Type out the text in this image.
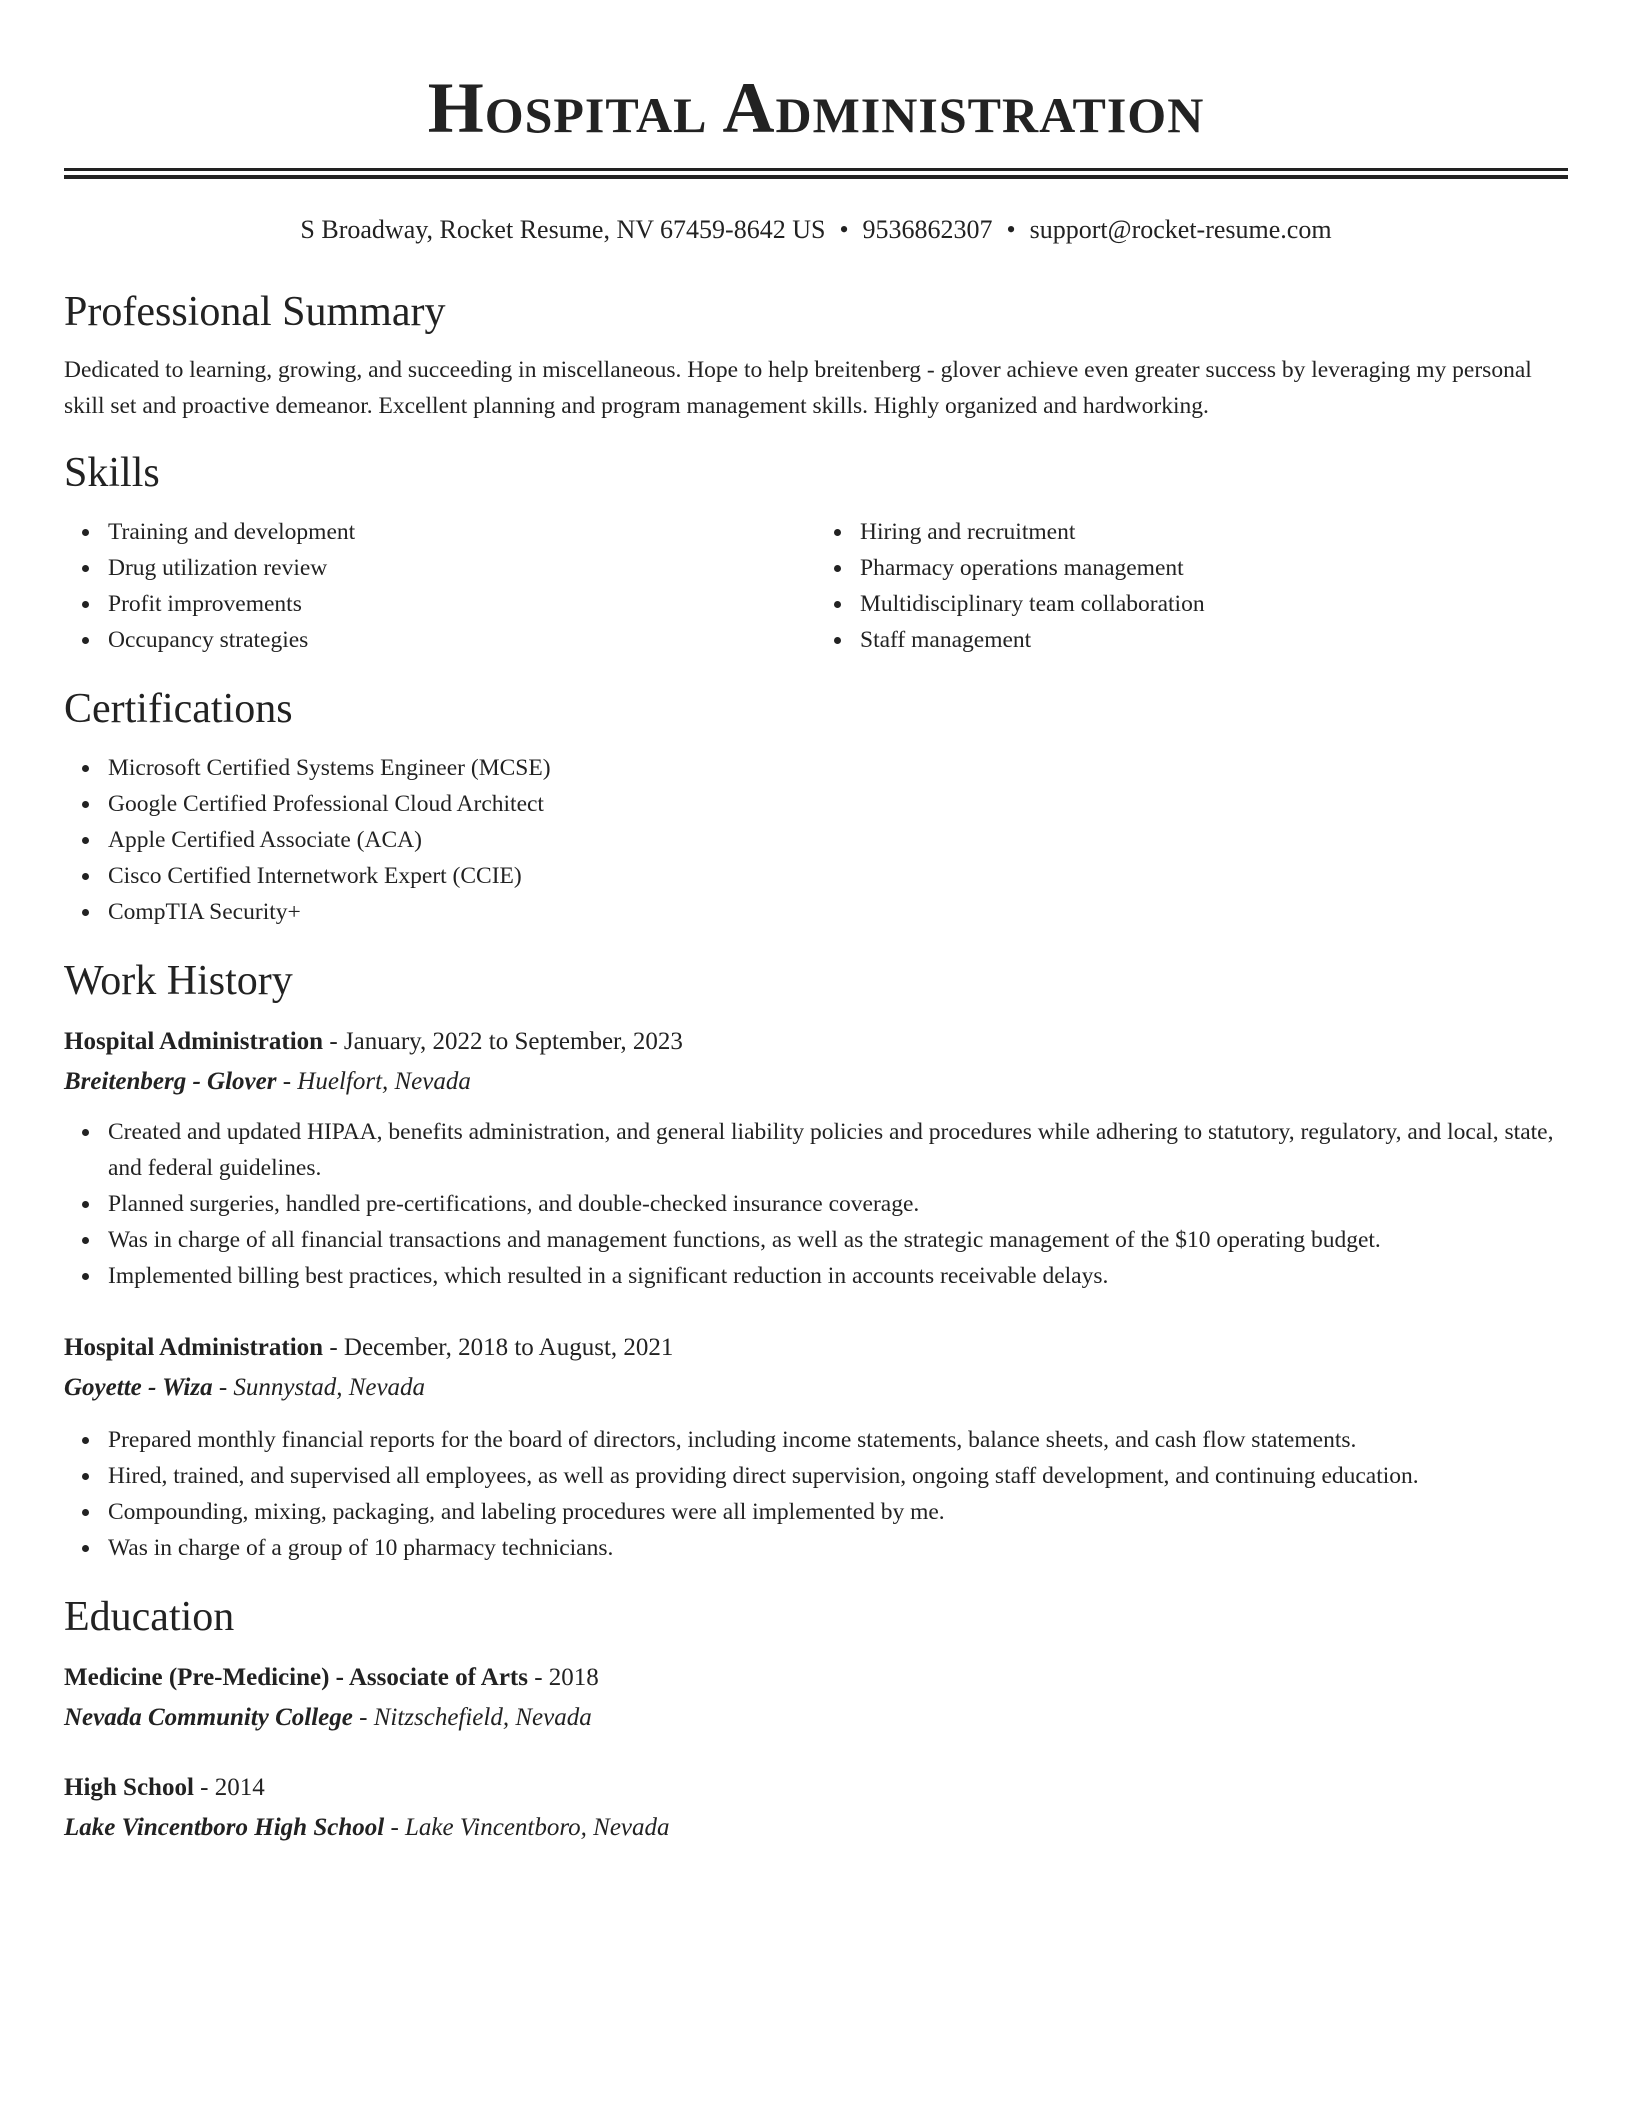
Hospital Administration
S Broadway, Rocket Resume, NV 67459-8642 US • 9536862307 • support@rocket-resume.com
Professional Summary

Dedicated to learning, growing, and succeeding in miscellaneous. Hope to help breitenberg - glover achieve even greater success by leveraging my personal skill set and proactive demeanor. Excellent planning and program management skills. Highly organized and hardworking.

Skills
Training and development
Drug utilization review
Profit improvements
Occupancy strategies
Hiring and recruitment
Pharmacy operations management
Multidisciplinary team collaboration
Staff management
Certifications
Microsoft Certified Systems Engineer (MCSE)
Google Certified Professional Cloud Architect
Apple Certified Associate (ACA)
Cisco Certified Internetwork Expert (CCIE)
CompTIA Security+
Work History
Hospital Administration - January, 2022 to September, 2023
Breitenberg - Glover - Huelfort, Nevada
Created and updated HIPAA, benefits administration, and general liability policies and procedures while adhering to statutory, regulatory, and local, state, and federal guidelines.
Planned surgeries, handled pre-certifications, and double-checked insurance coverage.
Was in charge of all financial transactions and management functions, as well as the strategic management of the $10 operating budget.
Implemented billing best practices, which resulted in a significant reduction in accounts receivable delays.
Hospital Administration - December, 2018 to August, 2021
Goyette - Wiza - Sunnystad, Nevada
Prepared monthly financial reports for the board of directors, including income statements, balance sheets, and cash flow statements.
Hired, trained, and supervised all employees, as well as providing direct supervision, ongoing staff development, and continuing education.
Compounding, mixing, packaging, and labeling procedures were all implemented by me.
Was in charge of a group of 10 pharmacy technicians.
Education
Medicine (Pre-Medicine) - Associate of Arts - 2018
Nevada Community College - Nitzschefield, Nevada
High School - 2014
Lake Vincentboro High School - Lake Vincentboro, Nevada
